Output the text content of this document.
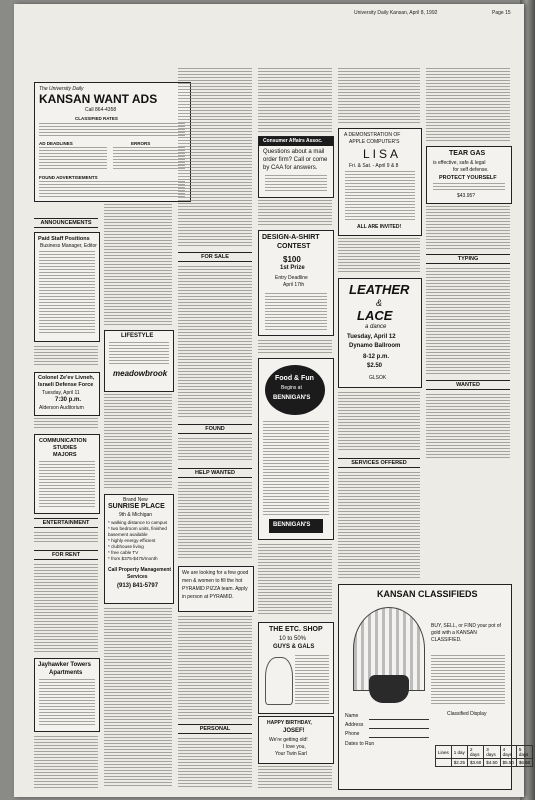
University Daily Kansan, April 8, 1992	Page 15
The University Daily
KANSAN WANT ADS
Call 864-4358
CLASSIFIED RATES
AD DEADLINES	ERRORS
FOUND ADVERTISEMENTS
ANNOUNCEMENTS
Paid Staff Positions
Business Manager, Editor
Colonel Ze'ev Livneh,
Israeli Defense Force
Tuesday, April 11
7:30 p.m.
Alderson Auditorium
COMMUNICATION
STUDIES
MAJORS
ENTERTAINMENT
FOR RENT
Jayhawker Towers
Apartments
LIFESTYLE
meadowbrook
Brand New
SUNRISE PLACE
9th & Michigan
* walking distance to campus
* two bedroom units, finished
basement available
* highly energy efficient
* clubhouse living
* free cable TV
* from $375-$475/month
Call Property Management
Services
(913) 841-5797
FOR SALE
FOUND
HELP WANTED
We are looking for a few good
men & women to fill the hot
PYRAMID PIZZA team. Apply
in person at PYRAMID.
PERSONAL
Consumer Affairs Assoc.
Questions about a mail
order firm? Call or come
by CAA for answers.
DESIGN-A-SHIRT
CONTEST
$100
1st Prize
Entry Deadline
April 17th
Food & Fun
Begins at
BENNIGAN'S
BENNIGAN'S
THE ETC. SHOP
10 to 50%
GUYS & GALS
HAPPY BIRTHDAY,
JOSEF!
We're getting old!
I love you,
Your Twin Earl
A DEMONSTRATION OF
APPLE COMPUTER'S
LISA
Fri. & Sat. - April 9 & 8
ALL ARE INVITED!
LEATHER
&
LACE
a dance
Tuesday, April 12
Dynamo Ballroom
8-12 p.m.
$2.50
GLSOK
SERVICES OFFERED
TEAR GAS
is effective, safe & legal
for self defense.
PROTECT YOURSELF
$43.95?
TYPING
WANTED
KANSAN CLASSIFIEDS
BUY, SELL, or FIND your pot of gold with a KANSAN CLASSIFIED.
Name
Address
Phone
Classified Display
Dates to Run
Lines	1 day	2 days	3 days	4 days	5 days
	$2.25	$3.60	$4.50	$5.50	$6.50
